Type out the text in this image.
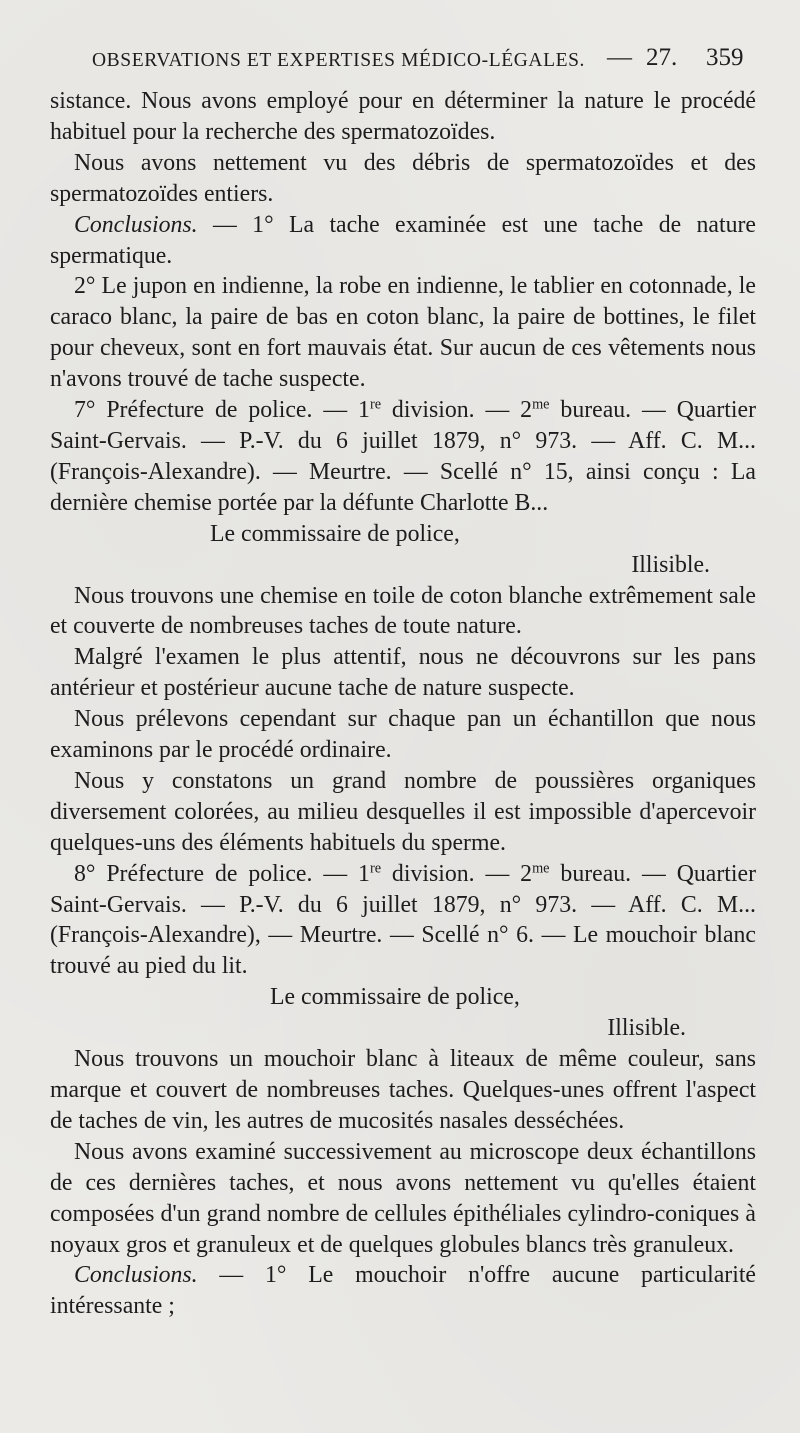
OBSERVATIONS ET EXPERTISES MÉDICO-LÉGALES. — 27. 359

sistance. Nous avons employé pour en déterminer la nature le procédé habituel pour la recherche des spermatozoïdes.

Nous avons nettement vu des débris de spermatozoïdes et des spermatozoïdes entiers.

Conclusions. — 1° La tache examinée est une tache de nature spermatique.

2° Le jupon en indienne, la robe en indienne, le tablier en cotonnade, le caraco blanc, la paire de bas en coton blanc, la paire de bottines, le filet pour cheveux, sont en fort mauvais état. Sur aucun de ces vêtements nous n'avons trouvé de tache suspecte.

7° Préfecture de police. — 1re division. — $2^{me}$ bureau. — Quartier Saint-Gervais. — P.-V. du 6 juillet 1879, n° 973. — Aff. C. M... (François-Alexandre). — Meurtre. — Scellé n° 15, ainsi conçu : La dernière chemise portée par la défunte Charlotte B...

Le commissaire de police,

Illisible.

Nous trouvons une chemise en toile de coton blanche extrêmement sale et couverte de nombreuses taches de toute nature.

Malgré l'examen le plus attentif, nous ne découvrons sur les pans antérieur et postérieur aucune tache de nature suspecte.

Nous prélevons cependant sur chaque pan un échantillon que nous examinons par le procédé ordinaire.

Nous y constatons un grand nombre de poussières organiques diversement colorées, au milieu desquelles il est impossible d'apercevoir quelques-uns des éléments habituels du sperme.

8° Préfecture de police. — 1re division. — $2^{me}$ bureau. — Quartier Saint-Gervais. — P.-V. du 6 juillet 1879, n° 973. — Aff. C. M... (François-Alexandre), — Meurtre. — Scellé n° 6. — Le mouchoir blanc trouvé au pied du lit.

Le commissaire de police,

Illisible.

Nous trouvons un mouchoir blanc à liteaux de même couleur, sans marque et couvert de nombreuses taches. Quelques-unes offrent l'aspect de taches de vin, les autres de mucosités nasales desséchées.

Nous avons examiné successivement au microscope deux échantillons de ces dernières taches, et nous avons nettement vu qu'elles étaient composées d'un grand nombre de cellules épithéliales cylindro-coniques à noyaux gros et granuleux et de quelques globules blancs très granuleux.

Conclusions. — 1° Le mouchoir n'offre aucune particularité intéressante ;
